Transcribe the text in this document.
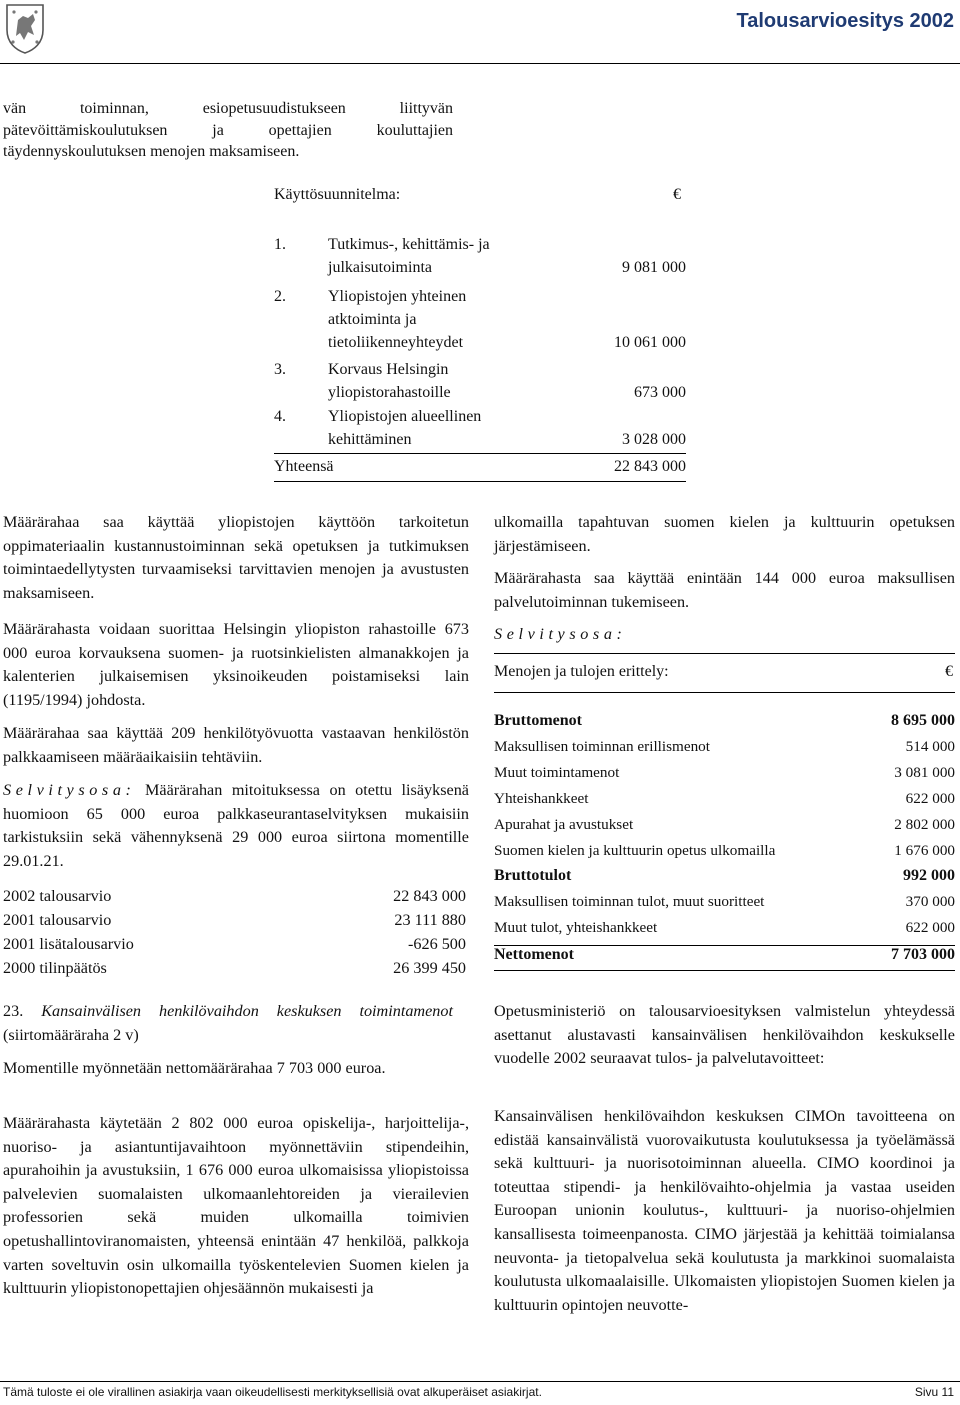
Talousarvioesitys 2002
vän toiminnan, esiopetusuudistukseen liittyvän pätevöittämiskoulutuksen ja opettajien kouluttajien täydennyskoulutuksen menojen maksamiseen.
Käyttösuunnitelma:	€
1.	Tutkimus-, kehittämis- ja julkaisutoiminta	9 081 000
2.	Yliopistojen yhteinen atktoiminta ja tietoliikenneyhteydet	10 061 000
3.	Korvaus Helsingin yliopistorahastoille	673 000
4.	Yliopistojen alueellinen kehittäminen	3 028 000
Yhteensä	22 843 000
Määrärahaa saa käyttää yliopistojen käyttöön tarkoitetun oppimateriaalin kustannustoiminnan sekä opetuksen ja tutkimuksen toimintaedellytysten turvaamiseksi tarvittavien menojen ja avustusten maksamiseen.
Määrärahasta voidaan suorittaa Helsingin yliopiston rahastoille 673 000 euroa korvauksena suomen- ja ruotsinkielisten almanakkojen ja kalenterien julkaisemisen yksinoikeuden poistamiseksi lain (1195/1994) johdosta.
Määrärahaa saa käyttää 209 henkilötyövuotta vastaavan henkilöstön palkkaamiseen määräaikaisiin tehtäviin.
Selvitysosa: Määrärahan mitoituksessa on otettu lisäyksenä huomioon 65 000 euroa palkkaseurantaselvityksen mukaisiin tarkistuksiin sekä vähennyksenä 29 000 euroa siirtona momentille 29.01.21.
2002 talousarvio	22 843 000
2001 talousarvio	23 111 880
2001 lisätalousarvio	-626 500
2000 tilinpäätös	26 399 450
23. Kansainvälisen henkilövaihdon keskuksen toimintamenot (siirtomääräraha 2 v)
Momentille myönnetään nettomäärärahaa 7 703 000 euroa.
Määrärahasta käytetään 2 802 000 euroa opiskelija-, harjoittelija-, nuoriso- ja asiantuntijavaihtoon myönnettäviin stipendeihin, apurahoihin ja avustuksiin, 1 676 000 euroa ulkomaisissa yliopistoissa palvelevien suomalaisten ulkomaanlehtoreiden ja vierailevien professorien sekä muiden ulkomailla toimivien opetushallintoviranomaisten, yhteensä enintään 47 henkilöä, palkkoja varten soveltuvin osin ulkomailla työskentelevien Suomen kielen ja kulttuurin yliopistonopettajien ohjesäännön mukaisesti ja
ulkomailla tapahtuvan suomen kielen ja kulttuurin opetuksen järjestämiseen.
Määrärahasta saa käyttää enintään 144 000 euroa maksullisen palvelutoiminnan tukemiseen.
Selvitysosa:
Menojen ja tulojen erittely:	€
Bruttomenot	8 695 000
Maksullisen toiminnan erillismenot	514 000
Muut toimintamenot	3 081 000
Yhteishankkeet	622 000
Apurahat ja avustukset	2 802 000
Suomen kielen ja kulttuurin opetus ulkomailla	1 676 000
Bruttotulot	992 000
Maksullisen toiminnan tulot, muut suoritteet	370 000
Muut tulot, yhteishankkeet	622 000
Nettomenot	7 703 000
Opetusministeriö on talousarvioesityksen valmistelun yhteydessä asettanut alustavasti kansainvälisen henkilövaihdon keskukselle vuodelle 2002 seuraavat tulos- ja palvelutavoitteet:
Kansainvälisen henkilövaihdon keskuksen CIMOn tavoitteena on edistää kansainvälistä vuorovaikutusta koulutuksessa ja työelämässä sekä kulttuuri- ja nuorisotoiminnan alueella. CIMO koordinoi ja toteuttaa stipendi- ja henkilövaihto-ohjelmia ja vastaa useiden Euroopan unionin koulutus-, kulttuuri- ja nuoriso-ohjelmien kansallisesta toimeenpanosta. CIMO järjestää ja kehittää toimialansa neuvonta- ja tietopalvelua sekä koulutusta ja markkinoi suomalaista koulutusta ulkomaalaisille. Ulkomaisten yliopistojen Suomen kielen ja kulttuurin opintojen neuvotte-
Tämä tuloste ei ole virallinen asiakirja vaan oikeudellisesti merkityksellisiä ovat alkuperäiset asiakirjat.	Sivu 11
